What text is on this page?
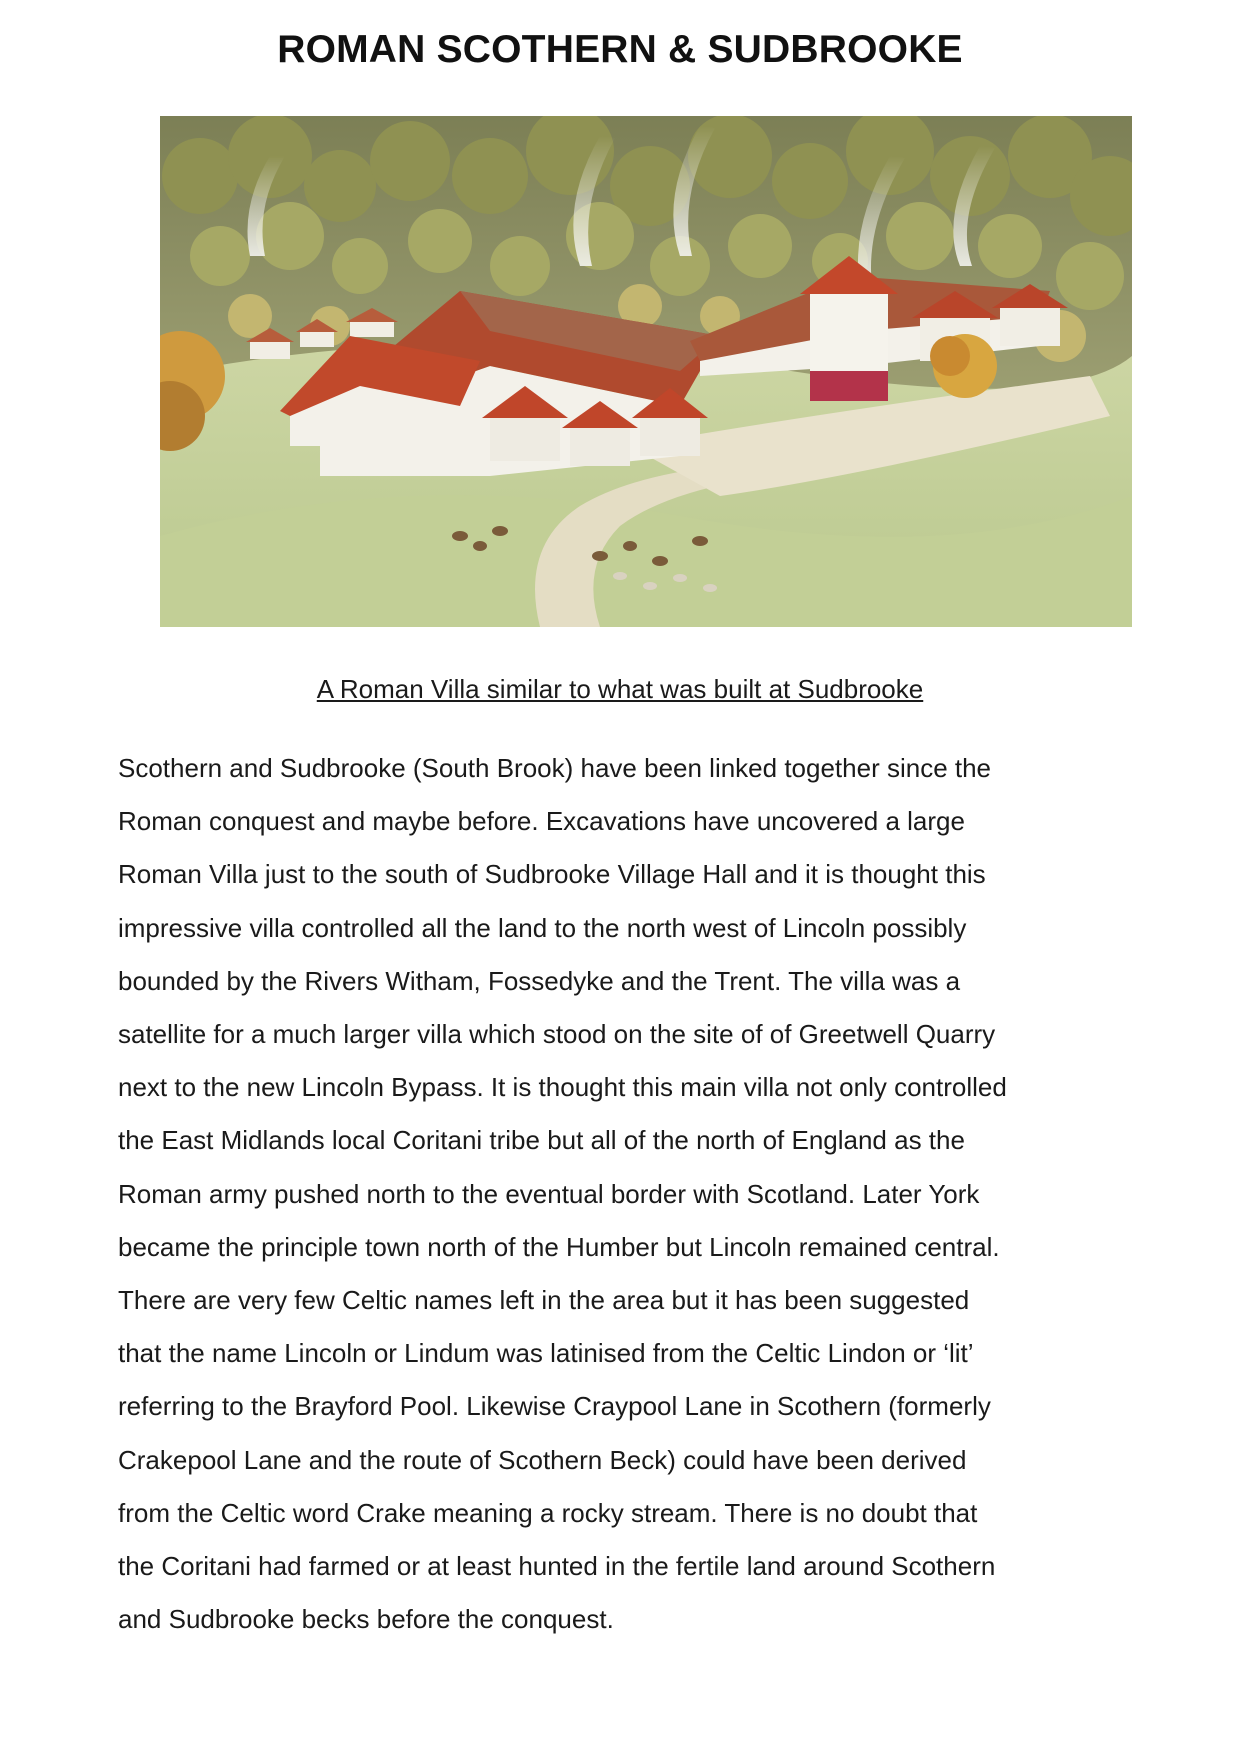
ROMAN SCOTHERN & SUDBROOKE
A Roman Villa similar to what was built at Sudbrooke
Scothern and Sudbrooke (South Brook) have been linked together since the
Roman conquest and maybe before. Excavations have uncovered a large
Roman Villa just to the south of Sudbrooke Village Hall and it is thought this
impressive villa controlled all the land to the north west of Lincoln possibly
bounded by the Rivers Witham, Fossedyke and the Trent. The villa was a
satellite for a much larger villa which stood on the site of of Greetwell Quarry
next to the new Lincoln Bypass. It is thought this main villa not only controlled
the East Midlands local Coritani tribe but all of the north of England as the
Roman army pushed north to the eventual border with Scotland. Later York
became the principle town north of the Humber but Lincoln remained central.
There are very few Celtic names left in the area but it has been suggested
that the name Lincoln or Lindum was latinised from the Celtic Lindon or ‘lit’
referring to the Brayford Pool. Likewise Craypool Lane in Scothern (formerly
Crakepool Lane and the route of Scothern Beck) could have been derived
from the Celtic word Crake meaning a rocky stream. There is no doubt that
the Coritani had farmed or at least hunted in the fertile land around Scothern
and Sudbrooke becks before the conquest.
